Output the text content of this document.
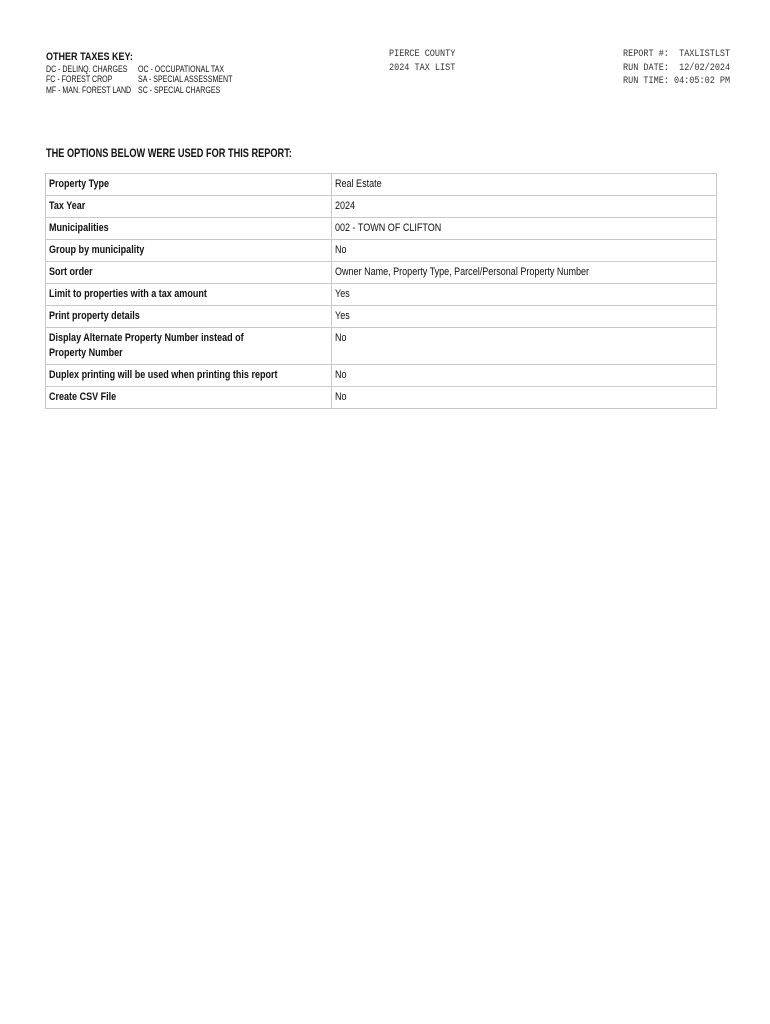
OTHER TAXES KEY:
DC - DELINQ. CHARGES
FC - FOREST CROP
MF - MAN. FOREST LAND
OC - OCCUPATIONAL TAX
SA - SPECIAL ASSESSMENT
SC - SPECIAL CHARGES
PIERCE COUNTY
2024 TAX LIST
REPORT #:  TAXLISTLST
RUN DATE:  12/02/2024
RUN TIME: 04:05:02 PM
THE OPTIONS BELOW WERE USED FOR THIS REPORT:
Property Type	Real Estate
Tax Year	2024
Municipalities	002 - TOWN OF CLIFTON
Group by municipality	No
Sort order	Owner Name, Property Type, Parcel/Personal Property Number
Limit to properties with a tax amount	Yes
Print property details	Yes

Display Alternate Property Number instead of Property Number	No
Duplex printing will be used when printing this report	No
Create CSV File	No
